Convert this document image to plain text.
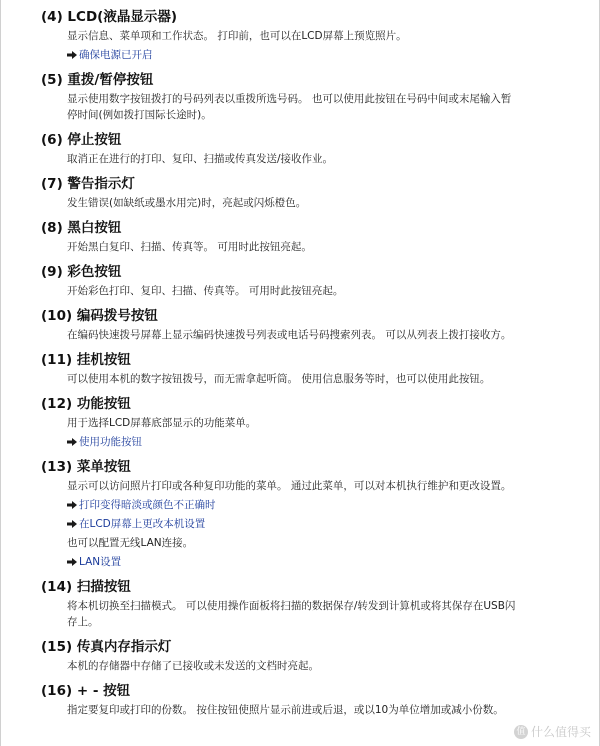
(4) LCD(液晶显示器)
显示信息、菜单项和工作状态。 打印前，也可以在LCD屏幕上预览照片。
确保电源已开启
(5) 重拨/暂停按钮
显示使用数字按钮拨打的号码列表以重拨所选号码。 也可以使用此按钮在号码中间或末尾输入暂
停时间(例如拨打国际长途时)。
(6) 停止按钮
取消正在进行的打印、复印、扫描或传真发送/接收作业。
(7) 警告指示灯
发生错误(如缺纸或墨水用完)时，亮起或闪烁橙色。
(8) 黑白按钮
开始黑白复印、扫描、传真等。 可用时此按钮亮起。
(9) 彩色按钮
开始彩色打印、复印、扫描、传真等。 可用时此按钮亮起。
(10) 编码拨号按钮
在编码快速拨号屏幕上显示编码快速拨号列表或电话号码搜索列表。 可以从列表上拨打接收方。
(11) 挂机按钮
可以使用本机的数字按钮拨号，而无需拿起听筒。 使用信息服务等时，也可以使用此按钮。
(12) 功能按钮
用于选择LCD屏幕底部显示的功能菜单。
使用功能按钮
(13) 菜单按钮
显示可以访问照片打印或各种复印功能的菜单。 通过此菜单，可以对本机执行维护和更改设置。
打印变得暗淡或颜色不正确时
在LCD屏幕上更改本机设置
也可以配置无线LAN连接。
LAN设置
(14) 扫描按钮
将本机切换至扫描模式。 可以使用操作面板将扫描的数据保存/转发到计算机或将其保存在USB闪
存上。
(15) 传真内存指示灯
本机的存储器中存储了已接收或未发送的文档时亮起。
(16) + - 按钮
指定要复印或打印的份数。 按住按钮使照片显示前进或后退，或以10为单位增加或减小份数。
值 什么值得买
